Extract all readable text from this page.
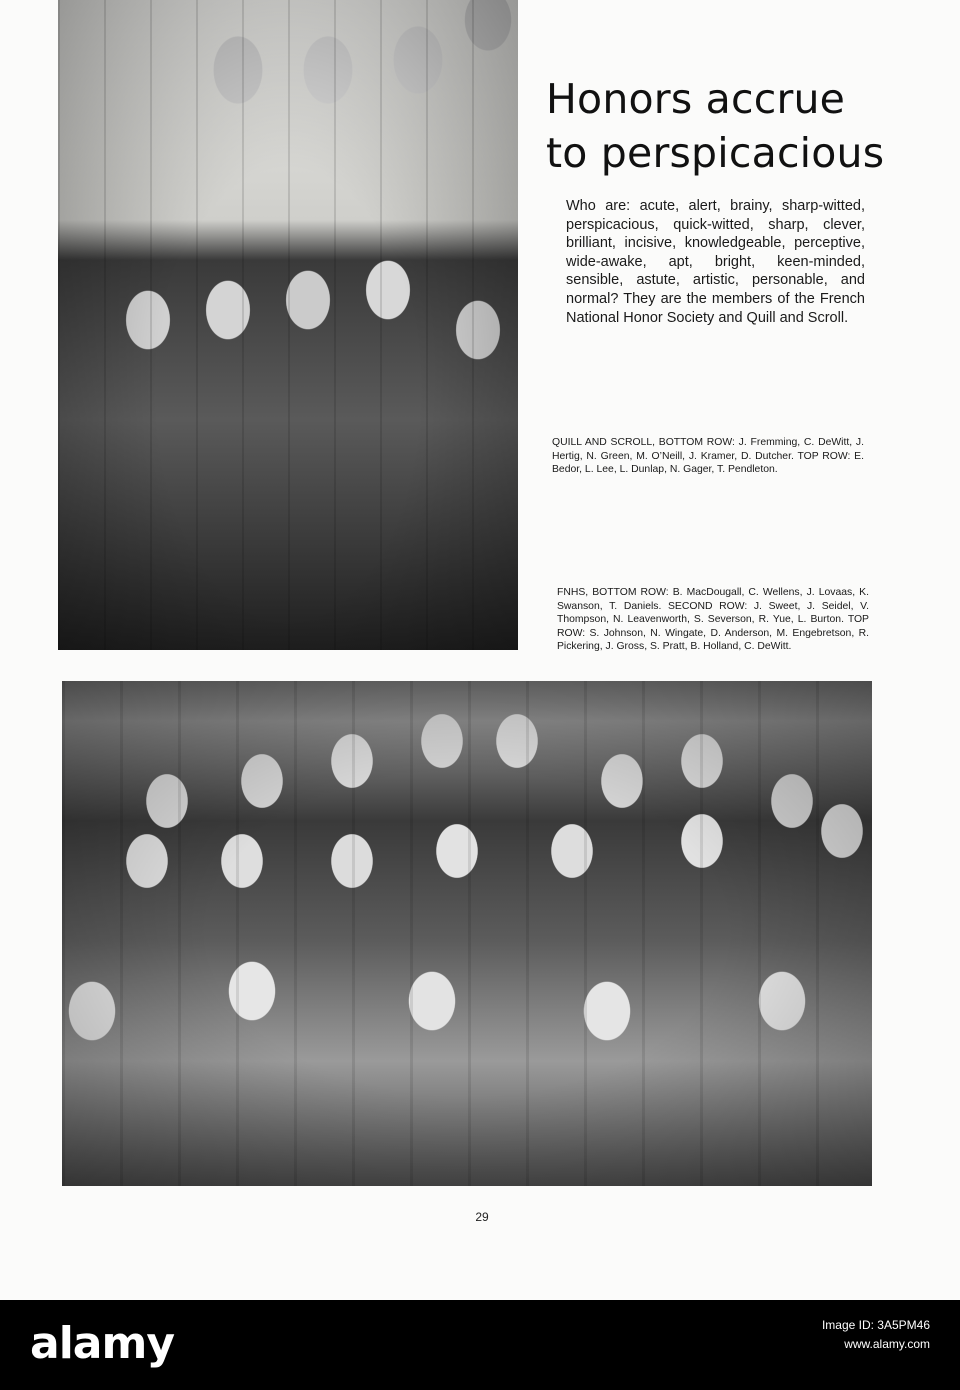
Honors accrue
to perspicacious

Who are: acute, alert, brainy, sharp-witted, perspicacious, quick-witted, sharp, clever, brilliant, incisive, knowledgeable, perceptive, wide-awake, apt, bright, keen-minded, sensible, astute, artistic, personable, and normal? They are the members of the French National Honor Society and Quill and Scroll.

QUILL AND SCROLL, BOTTOM ROW: J. Fremming, C. DeWitt, J. Hertig, N. Green, M. O’Neill, J. Kramer, D. Dutcher. TOP ROW: E. Bedor, L. Lee, L. Dunlap, N. Gager, T. Pendleton.

FNHS, BOTTOM ROW: B. MacDougall, C. Wellens, J. Lovaas, K. Swanson, T. Daniels. SECOND ROW: J. Sweet, J. Seidel, V. Thompson, N. Leavenworth, S. Severson, R. Yue, L. Burton. TOP ROW: S. Johnson, N. Wingate, D. Anderson, M. Engebretson, R. Pickering, J. Gross, S. Pratt, B. Holland, C. DeWitt.

29
alamy	Image ID: 3A5PM46
www.alamy.com
